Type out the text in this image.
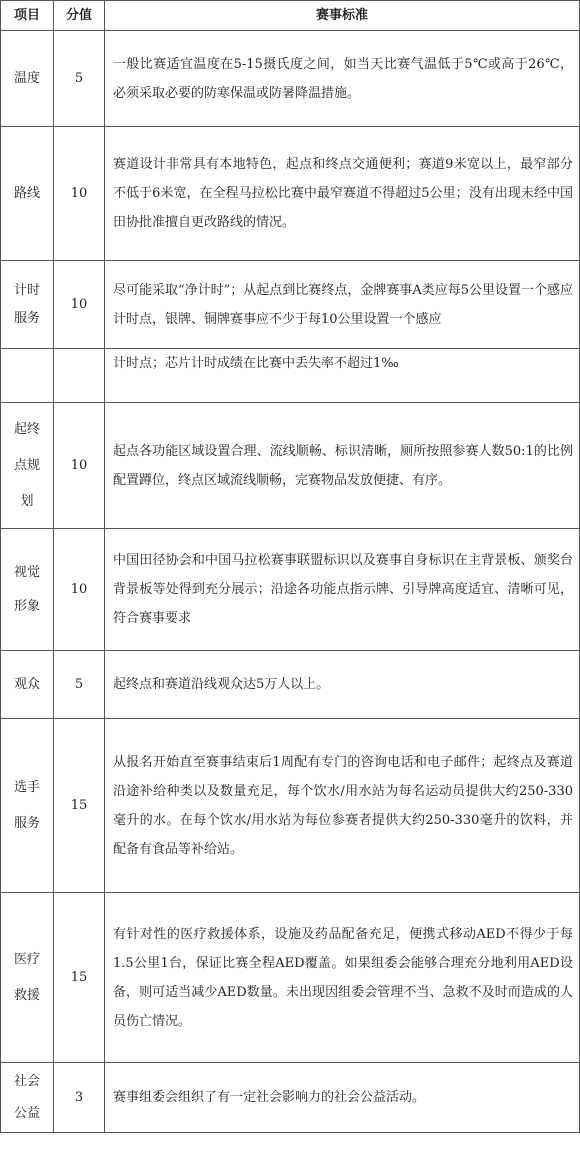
项目	分值	赛事标准
温度	5	一般比赛适宜温度在5-15摄氏度之间，如当天比赛气温低于5℃或高于26℃，必须采取必要的防寒保温或防暑降温措施。
路线	10	赛道设计非常具有本地特色，起点和终点交通便利；赛道9米宽以上，最窄部分不低于6米宽，在全程马拉松比赛中最窄赛道不得超过5公里；没有出现未经中国田协批准擅自更改路线的情况。
计时服务	10	尽可能采取“净计时”；从起点到比赛终点，金牌赛事A类应每5公里设置一个感应计时点，银牌、铜牌赛事应不少于每10公里设置一个感应
		计时点；芯片计时成绩在比赛中丢失率不超过1‰
起终点规划	10	起点各功能区域设置合理、流线顺畅、标识清晰，厕所按照参赛人数50:1的比例配置蹲位，终点区域流线顺畅，完赛物品发放便捷、有序。
视觉形象	10	中国田径协会和中国马拉松赛事联盟标识以及赛事自身标识在主背景板、颁奖台背景板等处得到充分展示；沿途各功能点指示牌、引导牌高度适宜、清晰可见，符合赛事要求
观众	5	起终点和赛道沿线观众达5万人以上。
选手服务	15	从报名开始直至赛事结束后1周配有专门的咨询电话和电子邮件；起终点及赛道沿途补给种类以及数量充足，每个饮水/用水站为每名运动员提供大约250-330毫升的水。在每个饮水/用水站为每位参赛者提供大约250-330毫升的饮料，并配备有食品等补给站。
医疗救援	15	有针对性的医疗救援体系，设施及药品配备充足，便携式移动AED不得少于每1.5公里1台，保证比赛全程AED覆盖。如果组委会能够合理充分地利用AED设备，则可适当减少AED数量。未出现因组委会管理不当、急救不及时而造成的人员伤亡情况。
社会公益	3	赛事组委会组织了有一定社会影响力的社会公益活动。
